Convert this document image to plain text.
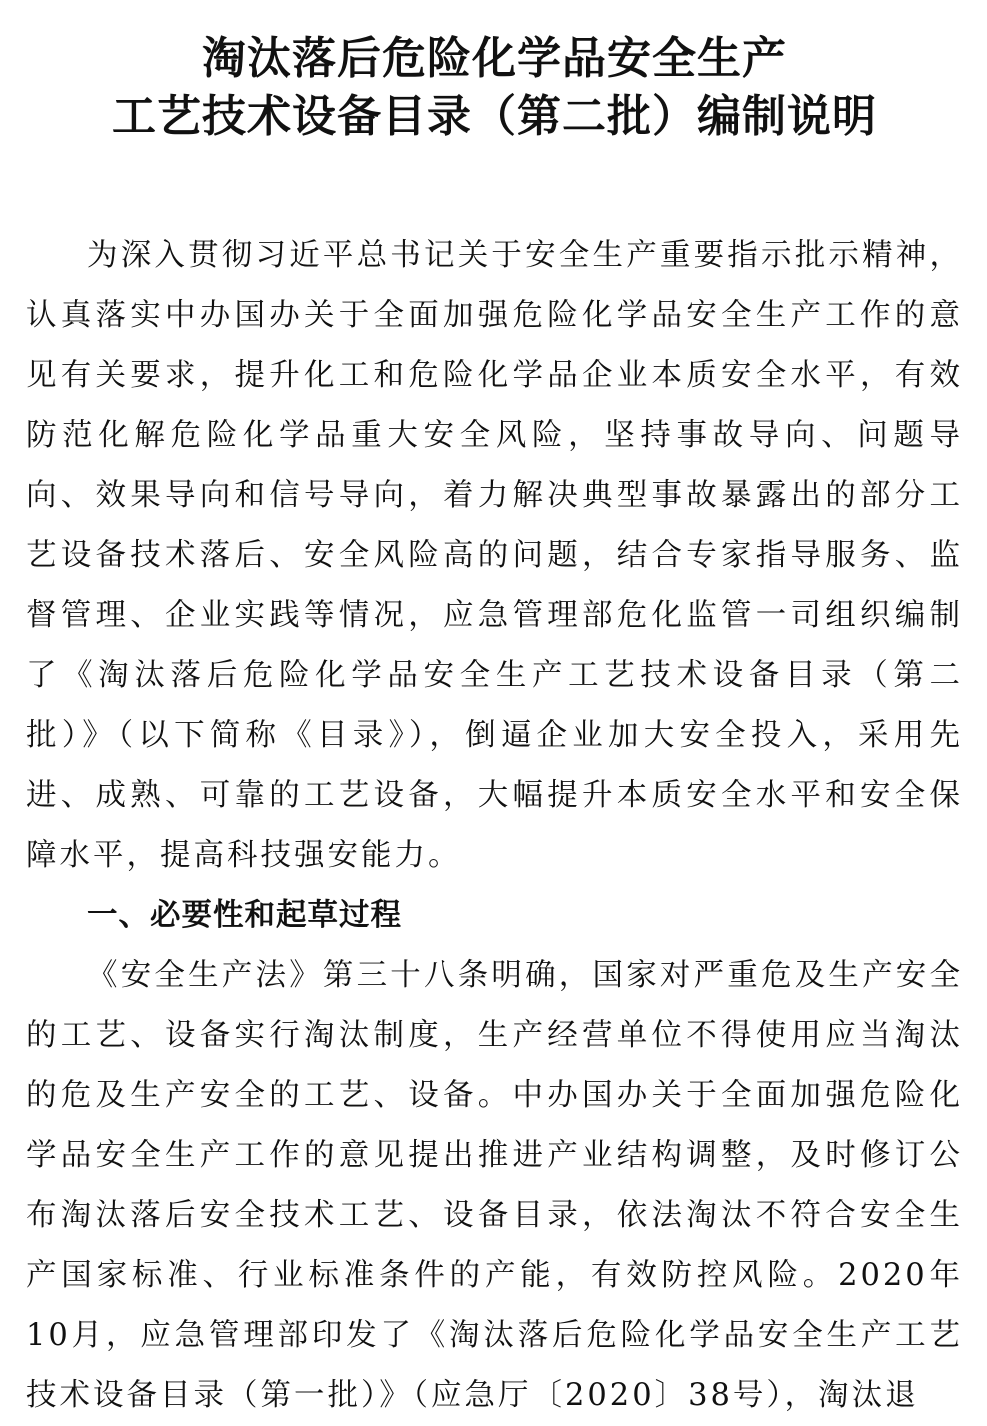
淘汰落后危险化学品安全生产
工艺技术设备目录（第二批）编制说明

为深入贯彻习近平总书记关于安全生产重要指示批示精神，认真落实中办国办关于全面加强危险化学品安全生产工作的意见有关要求，提升化工和危险化学品企业本质安全水平，有效防范化解危险化学品重大安全风险，坚持事故导向、问题导向、效果导向和信号导向，着力解决典型事故暴露出的部分工艺设备技术落后、安全风险高的问题，结合专家指导服务、监督管理、企业实践等情况，应急管理部危化监管一司组织编制了《淘汰落后危险化学品安全生产工艺技术设备目录（第二批）》（以下简称《目录》），倒逼企业加大安全投入，采用先进、成熟、可靠的工艺设备，大幅提升本质安全水平和安全保障水平，提高科技强安能力。

一、必要性和起草过程

《安全生产法》第三十八条明确，国家对严重危及生产安全的工艺、设备实行淘汰制度，生产经营单位不得使用应当淘汰的危及生产安全的工艺、设备。中办国办关于全面加强危险化学品安全生产工作的意见提出推进产业结构调整，及时修订公布淘汰落后安全技术工艺、设备目录，依法淘汰不符合安全生产国家标准、行业标准条件的产能，有效防控风险。2020年10月，应急管理部印发了《淘汰落后危险化学品安全生产工艺技术设备目录（第一批）》（应急厅〔2020〕38号），淘汰退
